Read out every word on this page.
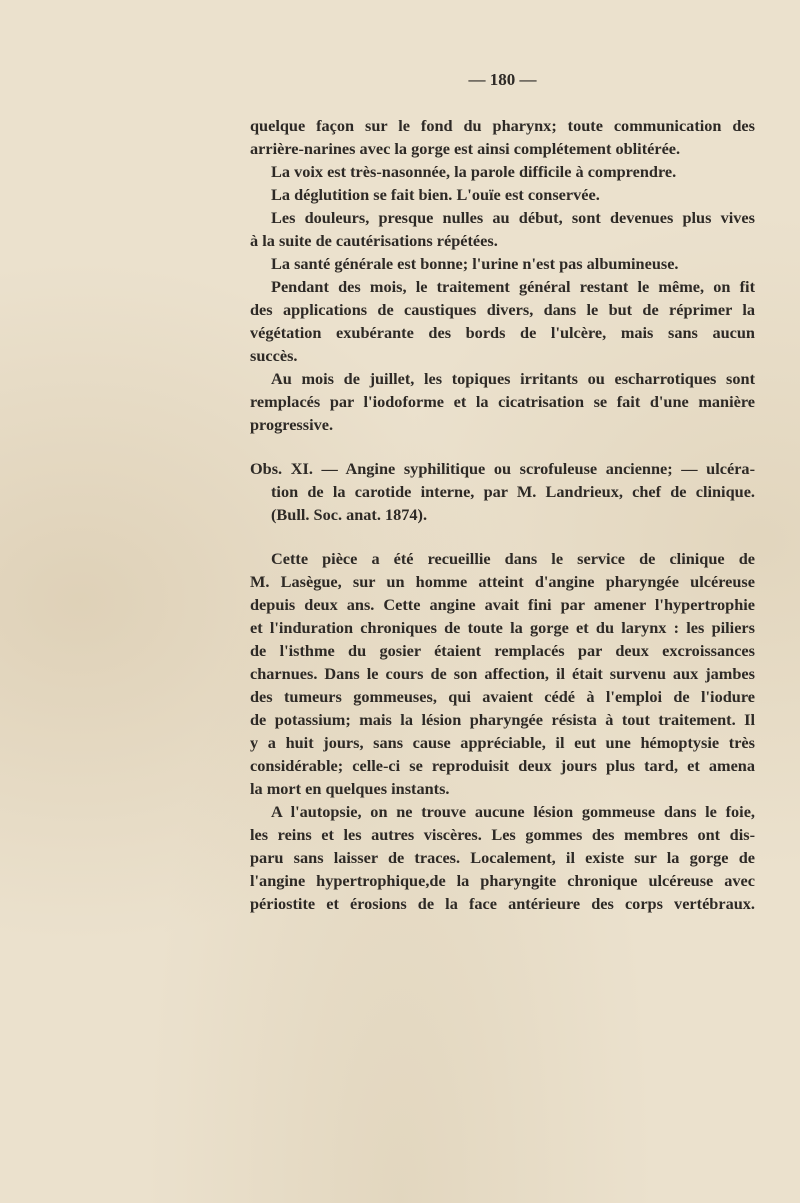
— 180 —
quelque façon sur le fond du pharynx; toute communication des
arrière-narines avec la gorge est ainsi complétement oblitérée.
La voix est très-nasonnée, la parole difficile à comprendre.
La déglutition se fait bien. L'ouïe est conservée.
Les douleurs, presque nulles au début, sont devenues plus vives
à la suite de cautérisations répétées.
La santé générale est bonne; l'urine n'est pas albumineuse.
Pendant des mois, le traitement général restant le même, on fit
des applications de caustiques divers, dans le but de réprimer la
végétation exubérante des bords de l'ulcère, mais sans aucun
succès.
Au mois de juillet, les topiques irritants ou escharrotiques sont
remplacés par l'iodoforme et la cicatrisation se fait d'une manière
progressive.
Obs. XI. — Angine syphilitique ou scrofuleuse ancienne; — ulcéra-
tion de la carotide interne, par M. Landrieux, chef de clinique.
(Bull. Soc. anat. 1874).
Cette pièce a été recueillie dans le service de clinique de
M. Lasègue, sur un homme atteint d'angine pharyngée ulcéreuse
depuis deux ans. Cette angine avait fini par amener l'hypertrophie
et l'induration chroniques de toute la gorge et du larynx : les piliers
de l'isthme du gosier étaient remplacés par deux excroissances
charnues. Dans le cours de son affection, il était survenu aux jambes
des tumeurs gommeuses, qui avaient cédé à l'emploi de l'iodure
de potassium; mais la lésion pharyngée résista à tout traitement. Il
y a huit jours, sans cause appréciable, il eut une hémoptysie très
considérable; celle-ci se reproduisit deux jours plus tard, et amena
la mort en quelques instants.
A l'autopsie, on ne trouve aucune lésion gommeuse dans le foie,
les reins et les autres viscères. Les gommes des membres ont dis-
paru sans laisser de traces. Localement, il existe sur la gorge de
l'angine hypertrophique,de la pharyngite chronique ulcéreuse avec
périostite et érosions de la face antérieure des corps vertébraux.
